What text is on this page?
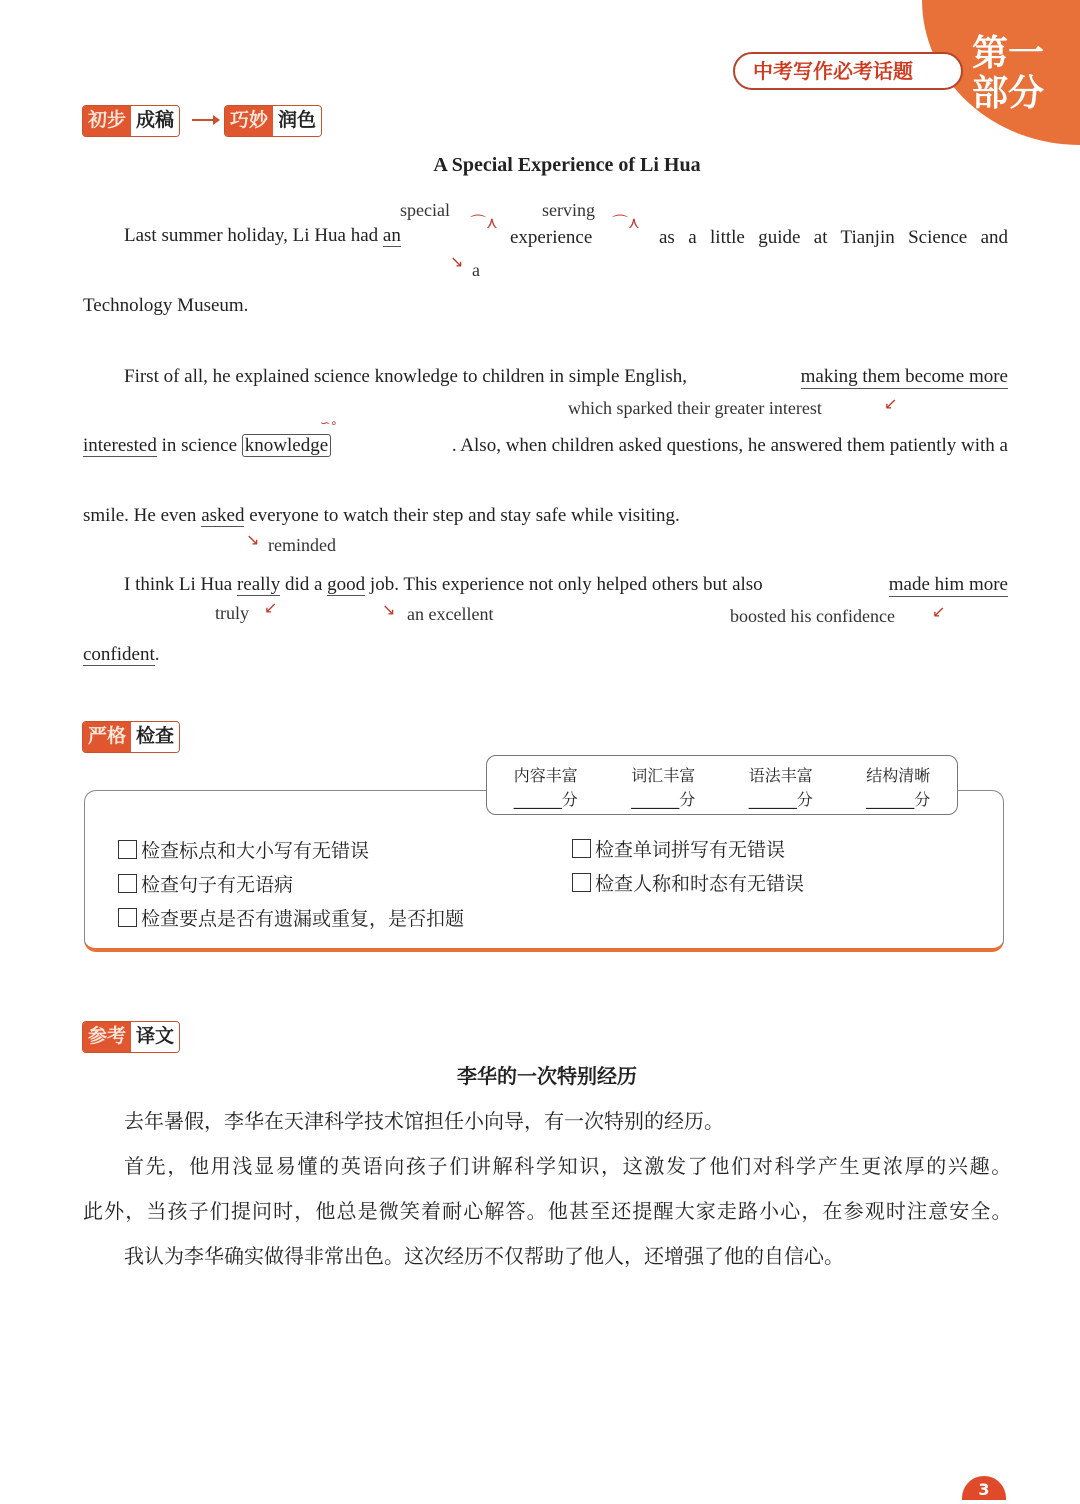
第一部分
中考写作必考话题
初步 成稿	巧妙 润色
A Special Experience of Li Hua
Last summer holiday, Li Hua had an
special
⌒⋏
↘ a
serving
experience
⌒⋏
as a little guide at Tianjin Science and
Technology Museum.
First of all, he explained science knowledge to children in simple English,	making them become more
which sparked their greater interest	↙
interested in science knowledge	. Also, when children asked questions, he answered them patiently with a
∽∘
smile. He even asked everyone to watch their step and stay safe while visiting.
↘ reminded
I think Li Hua really did a good job. This experience not only helped others but also	made him more
truly ↙	↘ an excellent	boosted his confidence ↙
confident.
严格 检查
内容丰富
______分
词汇丰富
______分
语法丰富
______分
结构清晰
______分
检查标点和大小写有无错误
检查句子有无语病
检查要点是否有遗漏或重复，是否扣题
检查单词拼写有无错误
检查人称和时态有无错误
参考 译文
李华的一次特别经历
去年暑假，李华在天津科学技术馆担任小向导，有一次特别的经历。
首先，他用浅显易懂的英语向孩子们讲解科学知识，这激发了他们对科学产生更浓厚的兴趣。
此外，当孩子们提问时，他总是微笑着耐心解答。他甚至还提醒大家走路小心，在参观时注意安全。
我认为李华确实做得非常出色。这次经历不仅帮助了他人，还增强了他的自信心。
3
